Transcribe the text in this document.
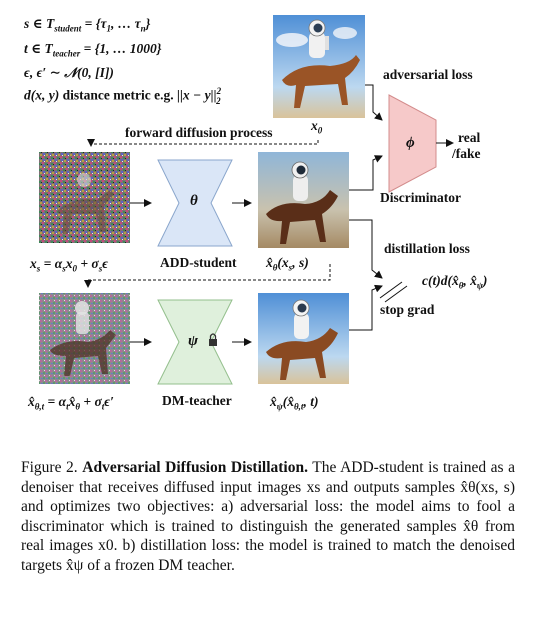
s ∈ $T_{student} = \{\tau_1$, … $\tau_n$}
t ∈ $T_{teacher} = \{1$, … 1000}
ϵ, ϵ′ ∼ 𝒩(0, [I])
d(x, y) distance metric e.g. $||x - y||^2_2$
adversarial loss
forward diffusion process	$x_0$
ϕ	real
/fake
Discriminator
θ
ADD-student
$x_s = \alpha_sx_0 + \sigma_s\epsilon$	$x̂_\theta(x_s$, s)
distillation loss
$c(t)d(x̂_\theta$, $x̂_\psi$)
stop grad
ψ
DM-teacher
$x̂_{\theta,t}$ = $\alpha_tx̂_\theta + \sigma_t\epsilon'$	$x̂_\psi(x̂_{\theta,t}$, t)
Figure 2. Adversarial Diffusion Distillation. The ADD-student is trained as a denoiser that receives diffused input images xs and outputs samples x̂θ(xs, s) and optimizes two objectives: a) adversarial loss: the model aims to fool a discriminator which is trained to distinguish the generated samples x̂θ from real images x0. b) distillation loss: the model is trained to match the denoised targets x̂ψ of a frozen DM teacher.
